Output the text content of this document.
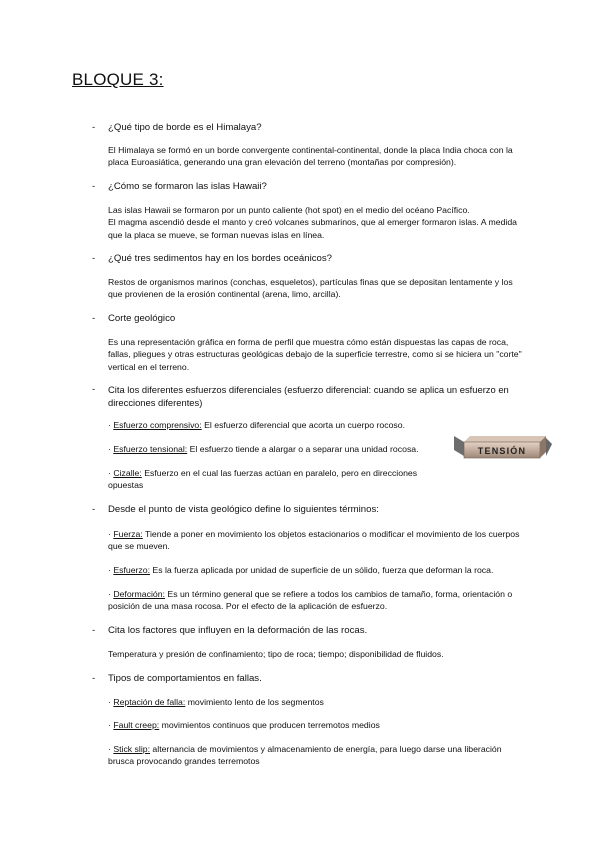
BLOQUE 3:
- ¿Qué tipo de borde es el Himalaya?
El Himalaya se formó en un borde convergente continental-continental, donde la placa India choca con la placa Euroasiática, generando una gran elevación del terreno (montañas por compresión).
- ¿Cómo se formaron las islas Hawaii?
Las islas Hawaii se formaron por un punto caliente (hot spot) en el medio del océano Pacífico.
El magma ascendió desde el manto y creó volcanes submarinos, que al emerger formaron islas. A medida que la placa se mueve, se forman nuevas islas en línea.
- ¿Qué tres sedimentos hay en los bordes oceánicos?
Restos de organismos marinos (conchas, esqueletos), partículas finas que se depositan lentamente y los que provienen de la erosión continental (arena, limo, arcilla).
- Corte geológico
Es una representación gráfica en forma de perfil que muestra cómo están dispuestas las capas de roca, fallas, pliegues y otras estructuras geológicas debajo de la superficie terrestre, como si se hiciera un "corte" vertical en el terreno.
- Cita los diferentes esfuerzos diferenciales (esfuerzo diferencial: cuando se aplica un esfuerzo en direcciones diferentes)
· Esfuerzo comprensivo: El esfuerzo diferencial que acorta un cuerpo rocoso.
· Esfuerzo tensional: El esfuerzo tiende a alargar o a separar una unidad rocosa.
· Cizalle: Esfuerzo en el cual las fuerzas actúan en paralelo, pero en direcciones opuestas
TENSIÓN
- Desde el punto de vista geológico define lo siguientes términos:
· Fuerza: Tiende a poner en movimiento los objetos estacionarios o modificar el movimiento de los cuerpos que se mueven.
· Esfuerzo: Es la fuerza aplicada por unidad de superficie de un sólido, fuerza que deforman la roca.
· Deformación: Es un término general que se refiere a todos los cambios de tamaño, forma, orientación o posición de una masa rocosa. Por el efecto de la aplicación de esfuerzo.
- Cita los factores que influyen en la deformación de las rocas.
Temperatura y presión de confinamiento; tipo de roca; tiempo; disponibilidad de fluidos.
- Tipos de comportamientos en fallas.
· Reptación de falla: movimiento lento de los segmentos
· Fault creep: movimientos continuos que producen terremotos medios
· Stick slip: alternancia de movimientos y almacenamiento de energía, para luego darse una liberación brusca provocando grandes terremotos
